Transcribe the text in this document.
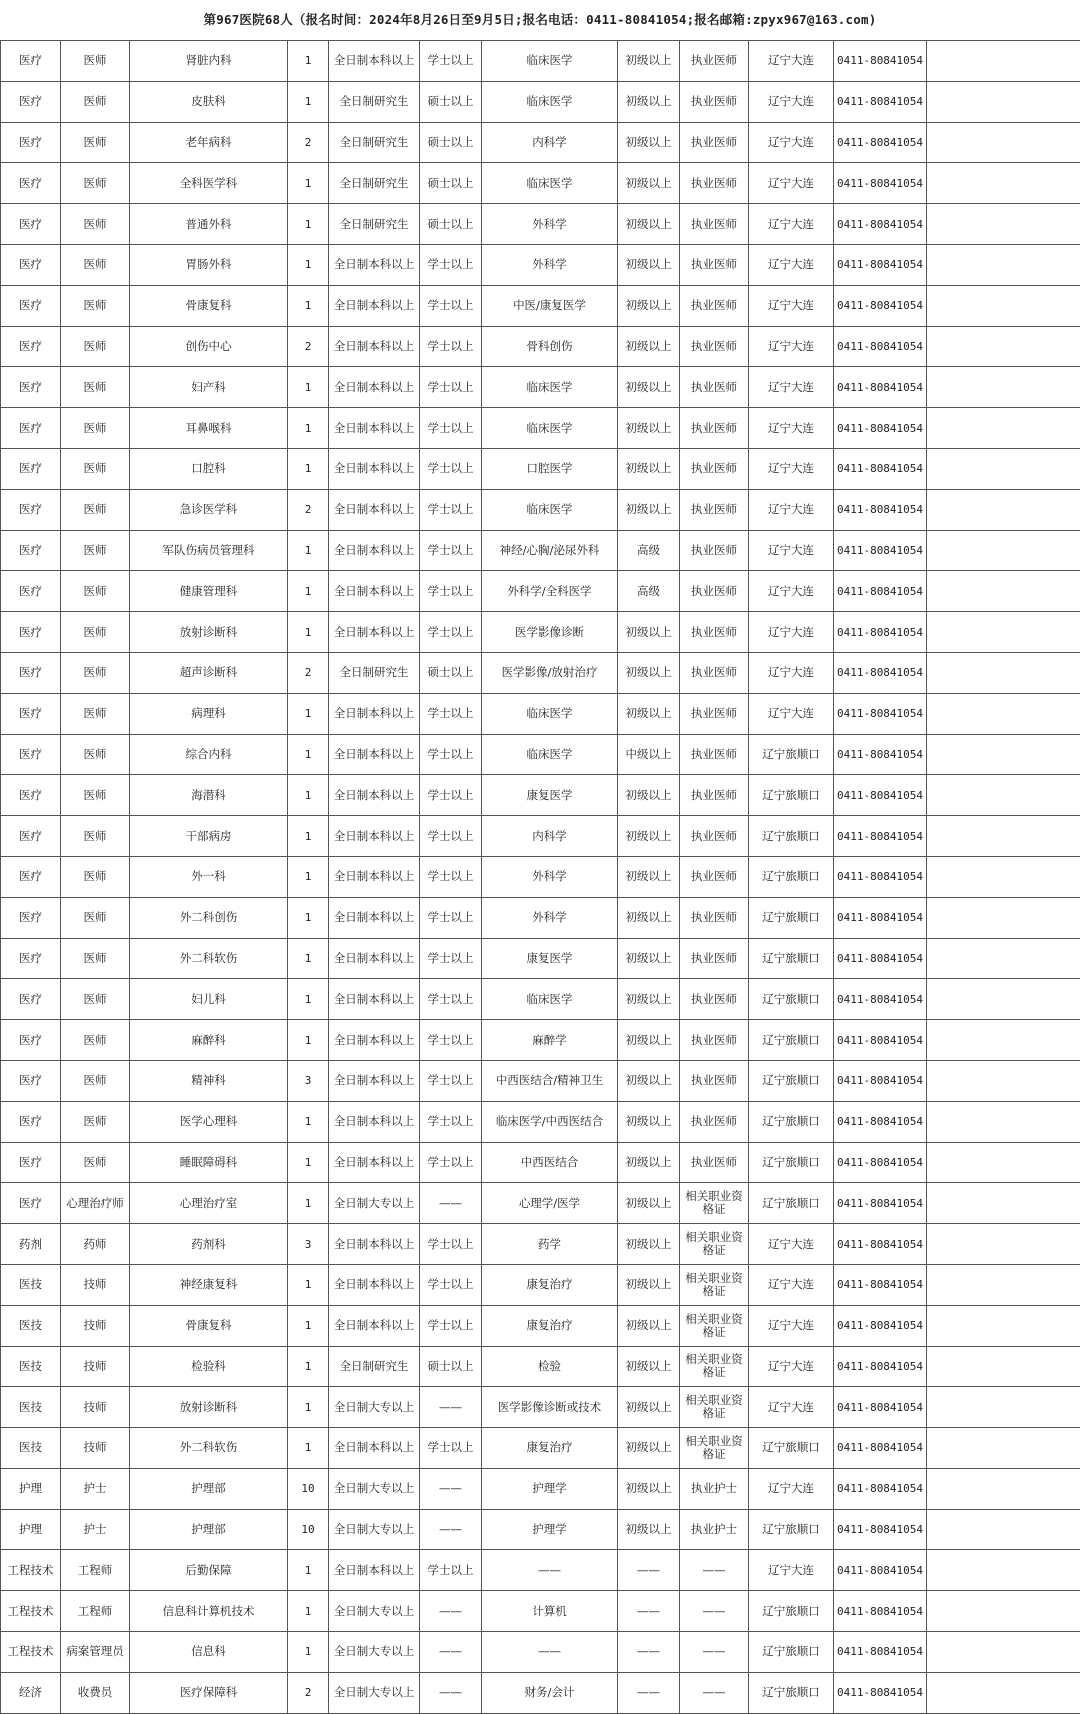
第967医院68人（报名时间：2024年8月26日至9月5日;报名电话：0411-80841054;报名邮箱:zpyx967@163.com)
医疗	医师	肾脏内科	1	全日制本科以上	学士以上	临床医学	初级以上	执业医师	辽宁大连	0411-80841054	
医疗	医师	皮肤科	1	全日制研究生	硕士以上	临床医学	初级以上	执业医师	辽宁大连	0411-80841054	
医疗	医师	老年病科	2	全日制研究生	硕士以上	内科学	初级以上	执业医师	辽宁大连	0411-80841054	
医疗	医师	全科医学科	1	全日制研究生	硕士以上	临床医学	初级以上	执业医师	辽宁大连	0411-80841054	
医疗	医师	普通外科	1	全日制研究生	硕士以上	外科学	初级以上	执业医师	辽宁大连	0411-80841054	
医疗	医师	胃肠外科	1	全日制本科以上	学士以上	外科学	初级以上	执业医师	辽宁大连	0411-80841054	
医疗	医师	骨康复科	1	全日制本科以上	学士以上	中医/康复医学	初级以上	执业医师	辽宁大连	0411-80841054	
医疗	医师	创伤中心	2	全日制本科以上	学士以上	骨科创伤	初级以上	执业医师	辽宁大连	0411-80841054	
医疗	医师	妇产科	1	全日制本科以上	学士以上	临床医学	初级以上	执业医师	辽宁大连	0411-80841054	
医疗	医师	耳鼻喉科	1	全日制本科以上	学士以上	临床医学	初级以上	执业医师	辽宁大连	0411-80841054	
医疗	医师	口腔科	1	全日制本科以上	学士以上	口腔医学	初级以上	执业医师	辽宁大连	0411-80841054	
医疗	医师	急诊医学科	2	全日制本科以上	学士以上	临床医学	初级以上	执业医师	辽宁大连	0411-80841054	
医疗	医师	军队伤病员管理科	1	全日制本科以上	学士以上	神经/心胸/泌尿外科	高级	执业医师	辽宁大连	0411-80841054	
医疗	医师	健康管理科	1	全日制本科以上	学士以上	外科学/全科医学	高级	执业医师	辽宁大连	0411-80841054	
医疗	医师	放射诊断科	1	全日制本科以上	学士以上	医学影像诊断	初级以上	执业医师	辽宁大连	0411-80841054	
医疗	医师	超声诊断科	2	全日制研究生	硕士以上	医学影像/放射治疗	初级以上	执业医师	辽宁大连	0411-80841054	
医疗	医师	病理科	1	全日制本科以上	学士以上	临床医学	初级以上	执业医师	辽宁大连	0411-80841054	
医疗	医师	综合内科	1	全日制本科以上	学士以上	临床医学	中级以上	执业医师	辽宁旅顺口	0411-80841054	
医疗	医师	海潜科	1	全日制本科以上	学士以上	康复医学	初级以上	执业医师	辽宁旅顺口	0411-80841054	
医疗	医师	干部病房	1	全日制本科以上	学士以上	内科学	初级以上	执业医师	辽宁旅顺口	0411-80841054	
医疗	医师	外一科	1	全日制本科以上	学士以上	外科学	初级以上	执业医师	辽宁旅顺口	0411-80841054	
医疗	医师	外二科创伤	1	全日制本科以上	学士以上	外科学	初级以上	执业医师	辽宁旅顺口	0411-80841054	
医疗	医师	外二科软伤	1	全日制本科以上	学士以上	康复医学	初级以上	执业医师	辽宁旅顺口	0411-80841054	
医疗	医师	妇儿科	1	全日制本科以上	学士以上	临床医学	初级以上	执业医师	辽宁旅顺口	0411-80841054	
医疗	医师	麻醉科	1	全日制本科以上	学士以上	麻醉学	初级以上	执业医师	辽宁旅顺口	0411-80841054	
医疗	医师	精神科	3	全日制本科以上	学士以上	中西医结合/精神卫生	初级以上	执业医师	辽宁旅顺口	0411-80841054	
医疗	医师	医学心理科	1	全日制本科以上	学士以上	临床医学/中西医结合	初级以上	执业医师	辽宁旅顺口	0411-80841054	
医疗	医师	睡眠障碍科	1	全日制本科以上	学士以上	中西医结合	初级以上	执业医师	辽宁旅顺口	0411-80841054	
医疗	心理治疗师	心理治疗室	1	全日制大专以上	——	心理学/医学	初级以上	相关职业资格证	辽宁旅顺口	0411-80841054	
药剂	药师	药剂科	3	全日制本科以上	学士以上	药学	初级以上	相关职业资格证	辽宁大连	0411-80841054	
医技	技师	神经康复科	1	全日制本科以上	学士以上	康复治疗	初级以上	相关职业资格证	辽宁大连	0411-80841054	
医技	技师	骨康复科	1	全日制本科以上	学士以上	康复治疗	初级以上	相关职业资格证	辽宁大连	0411-80841054	
医技	技师	检验科	1	全日制研究生	硕士以上	检验	初级以上	相关职业资格证	辽宁大连	0411-80841054	
医技	技师	放射诊断科	1	全日制大专以上	——	医学影像诊断或技术	初级以上	相关职业资格证	辽宁大连	0411-80841054	
医技	技师	外二科软伤	1	全日制本科以上	学士以上	康复治疗	初级以上	相关职业资格证	辽宁旅顺口	0411-80841054	
护理	护士	护理部	10	全日制大专以上	——	护理学	初级以上	执业护士	辽宁大连	0411-80841054	
护理	护士	护理部	10	全日制大专以上	——	护理学	初级以上	执业护士	辽宁旅顺口	0411-80841054	
工程技术	工程师	后勤保障	1	全日制本科以上	学士以上	——	——	——	辽宁大连	0411-80841054	
工程技术	工程师	信息科计算机技术	1	全日制大专以上	——	计算机	——	——	辽宁旅顺口	0411-80841054	
工程技术	病案管理员	信息科	1	全日制大专以上	——	——	——	——	辽宁旅顺口	0411-80841054	
经济	收费员	医疗保障科	2	全日制大专以上	——	财务/会计	——	——	辽宁旅顺口	0411-80841054	
